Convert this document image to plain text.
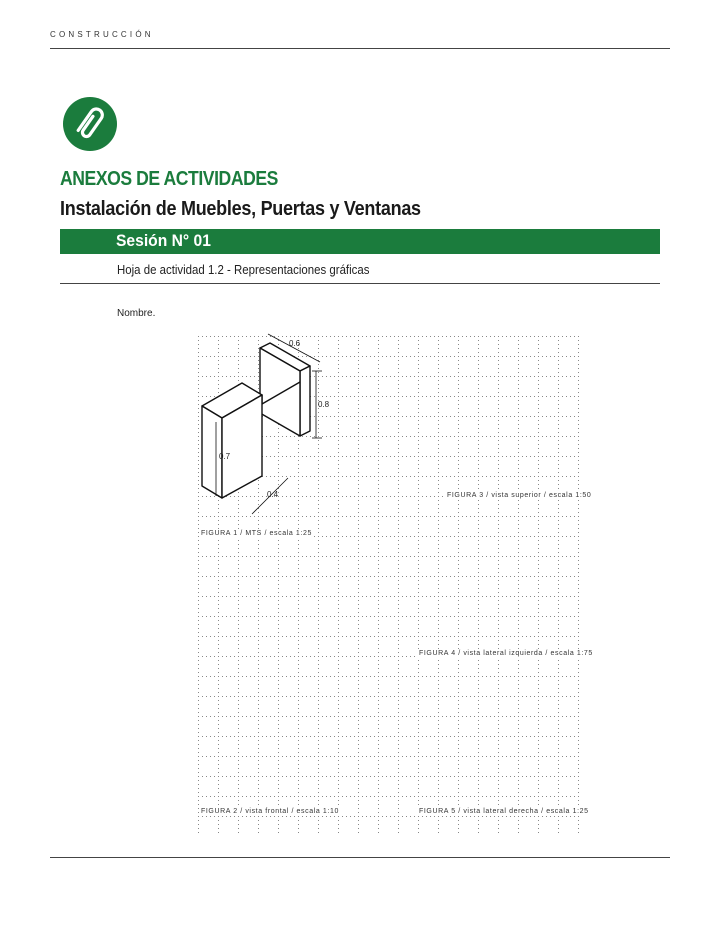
CONSTRUCCIÓN
ANEXOS DE ACTIVIDADES
Instalación de Muebles, Puertas y Ventanas
Sesión N° 01
Hoja de actividad 1.2 - Representaciones gráficas
Nombre.
0.6
0.8
0.7
0.4	FIGURA 3 / vista superior / escala 1:50
FIGURA 1 / MTS / escala 1:25
FIGURA 4 / vista lateral izquierda / escala 1:75
FIGURA 2 / vista frontal / escala 1:10	FIGURA 5 / vista lateral derecha / escala 1:25
